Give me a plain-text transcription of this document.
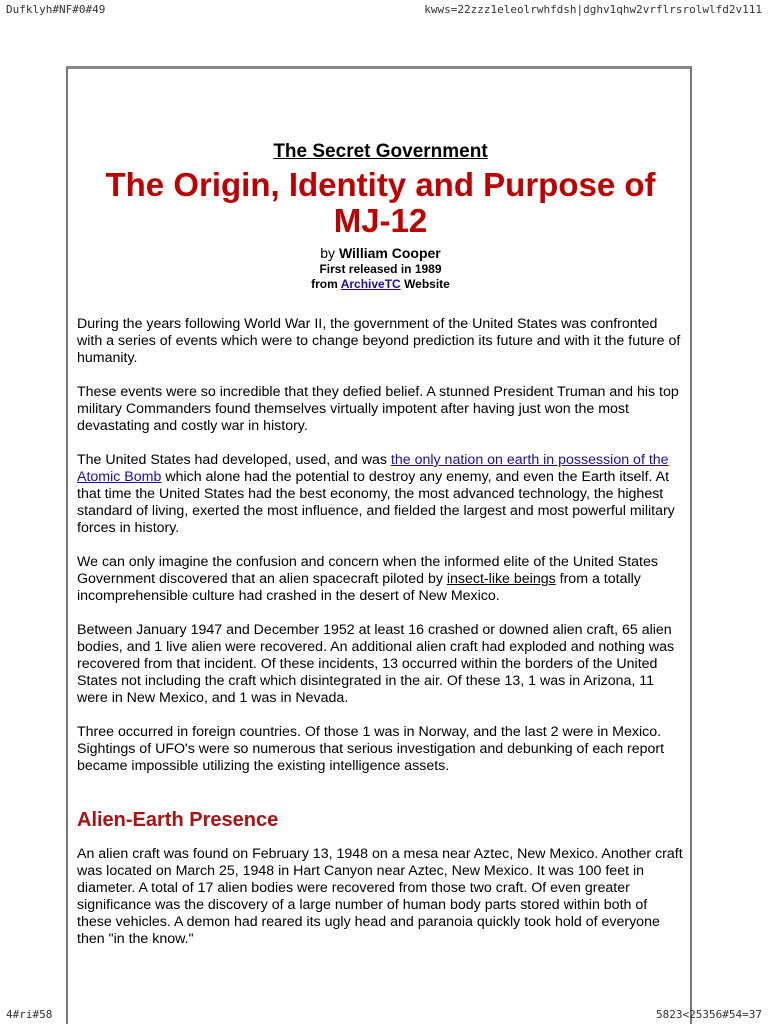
Dufklyh#NF#0#49	kwws=22zzz1eleolrwhfdsh|dghv1qhw2vrflrsrolwlfd2v111
The Secret Government
The Origin, Identity and Purpose of MJ-12
by William Cooper
First released in 1989
from ArchiveTC Website

During the years following World War II, the government of the United States was confronted with a series of events which were to change beyond prediction its future and with it the future of humanity.

These events were so incredible that they defied belief. A stunned President Truman and his top military Commanders found themselves virtually impotent after having just won the most devastating and costly war in history.

The United States had developed, used, and was the only nation on earth in possession of the Atomic Bomb which alone had the potential to destroy any enemy, and even the Earth itself. At that time the United States had the best economy, the most advanced technology, the highest standard of living, exerted the most influence, and fielded the largest and most powerful military forces in history.

We can only imagine the confusion and concern when the informed elite of the United States Government discovered that an alien spacecraft piloted by insect-like beings from a totally incomprehensible culture had crashed in the desert of New Mexico.

Between January 1947 and December 1952 at least 16 crashed or downed alien craft, 65 alien bodies, and 1 live alien were recovered. An additional alien craft had exploded and nothing was recovered from that incident. Of these incidents, 13 occurred within the borders of the United States not including the craft which disintegrated in the air. Of these 13, 1 was in Arizona, 11 were in New Mexico, and 1 was in Nevada.

Three occurred in foreign countries. Of those 1 was in Norway, and the last 2 were in Mexico. Sightings of UFO's were so numerous that serious investigation and debunking of each report became impossible utilizing the existing intelligence assets.

Alien-Earth Presence

An alien craft was found on February 13, 1948 on a mesa near Aztec, New Mexico. Another craft was located on March 25, 1948 in Hart Canyon near Aztec, New Mexico. It was 100 feet in diameter. A total of 17 alien bodies were recovered from those two craft. Of even greater significance was the discovery of a large number of human body parts stored within both of these vehicles. A demon had reared its ugly head and paranoia quickly took hold of everyone then "in the know."

4#ri#58	5823<25356#54=37
